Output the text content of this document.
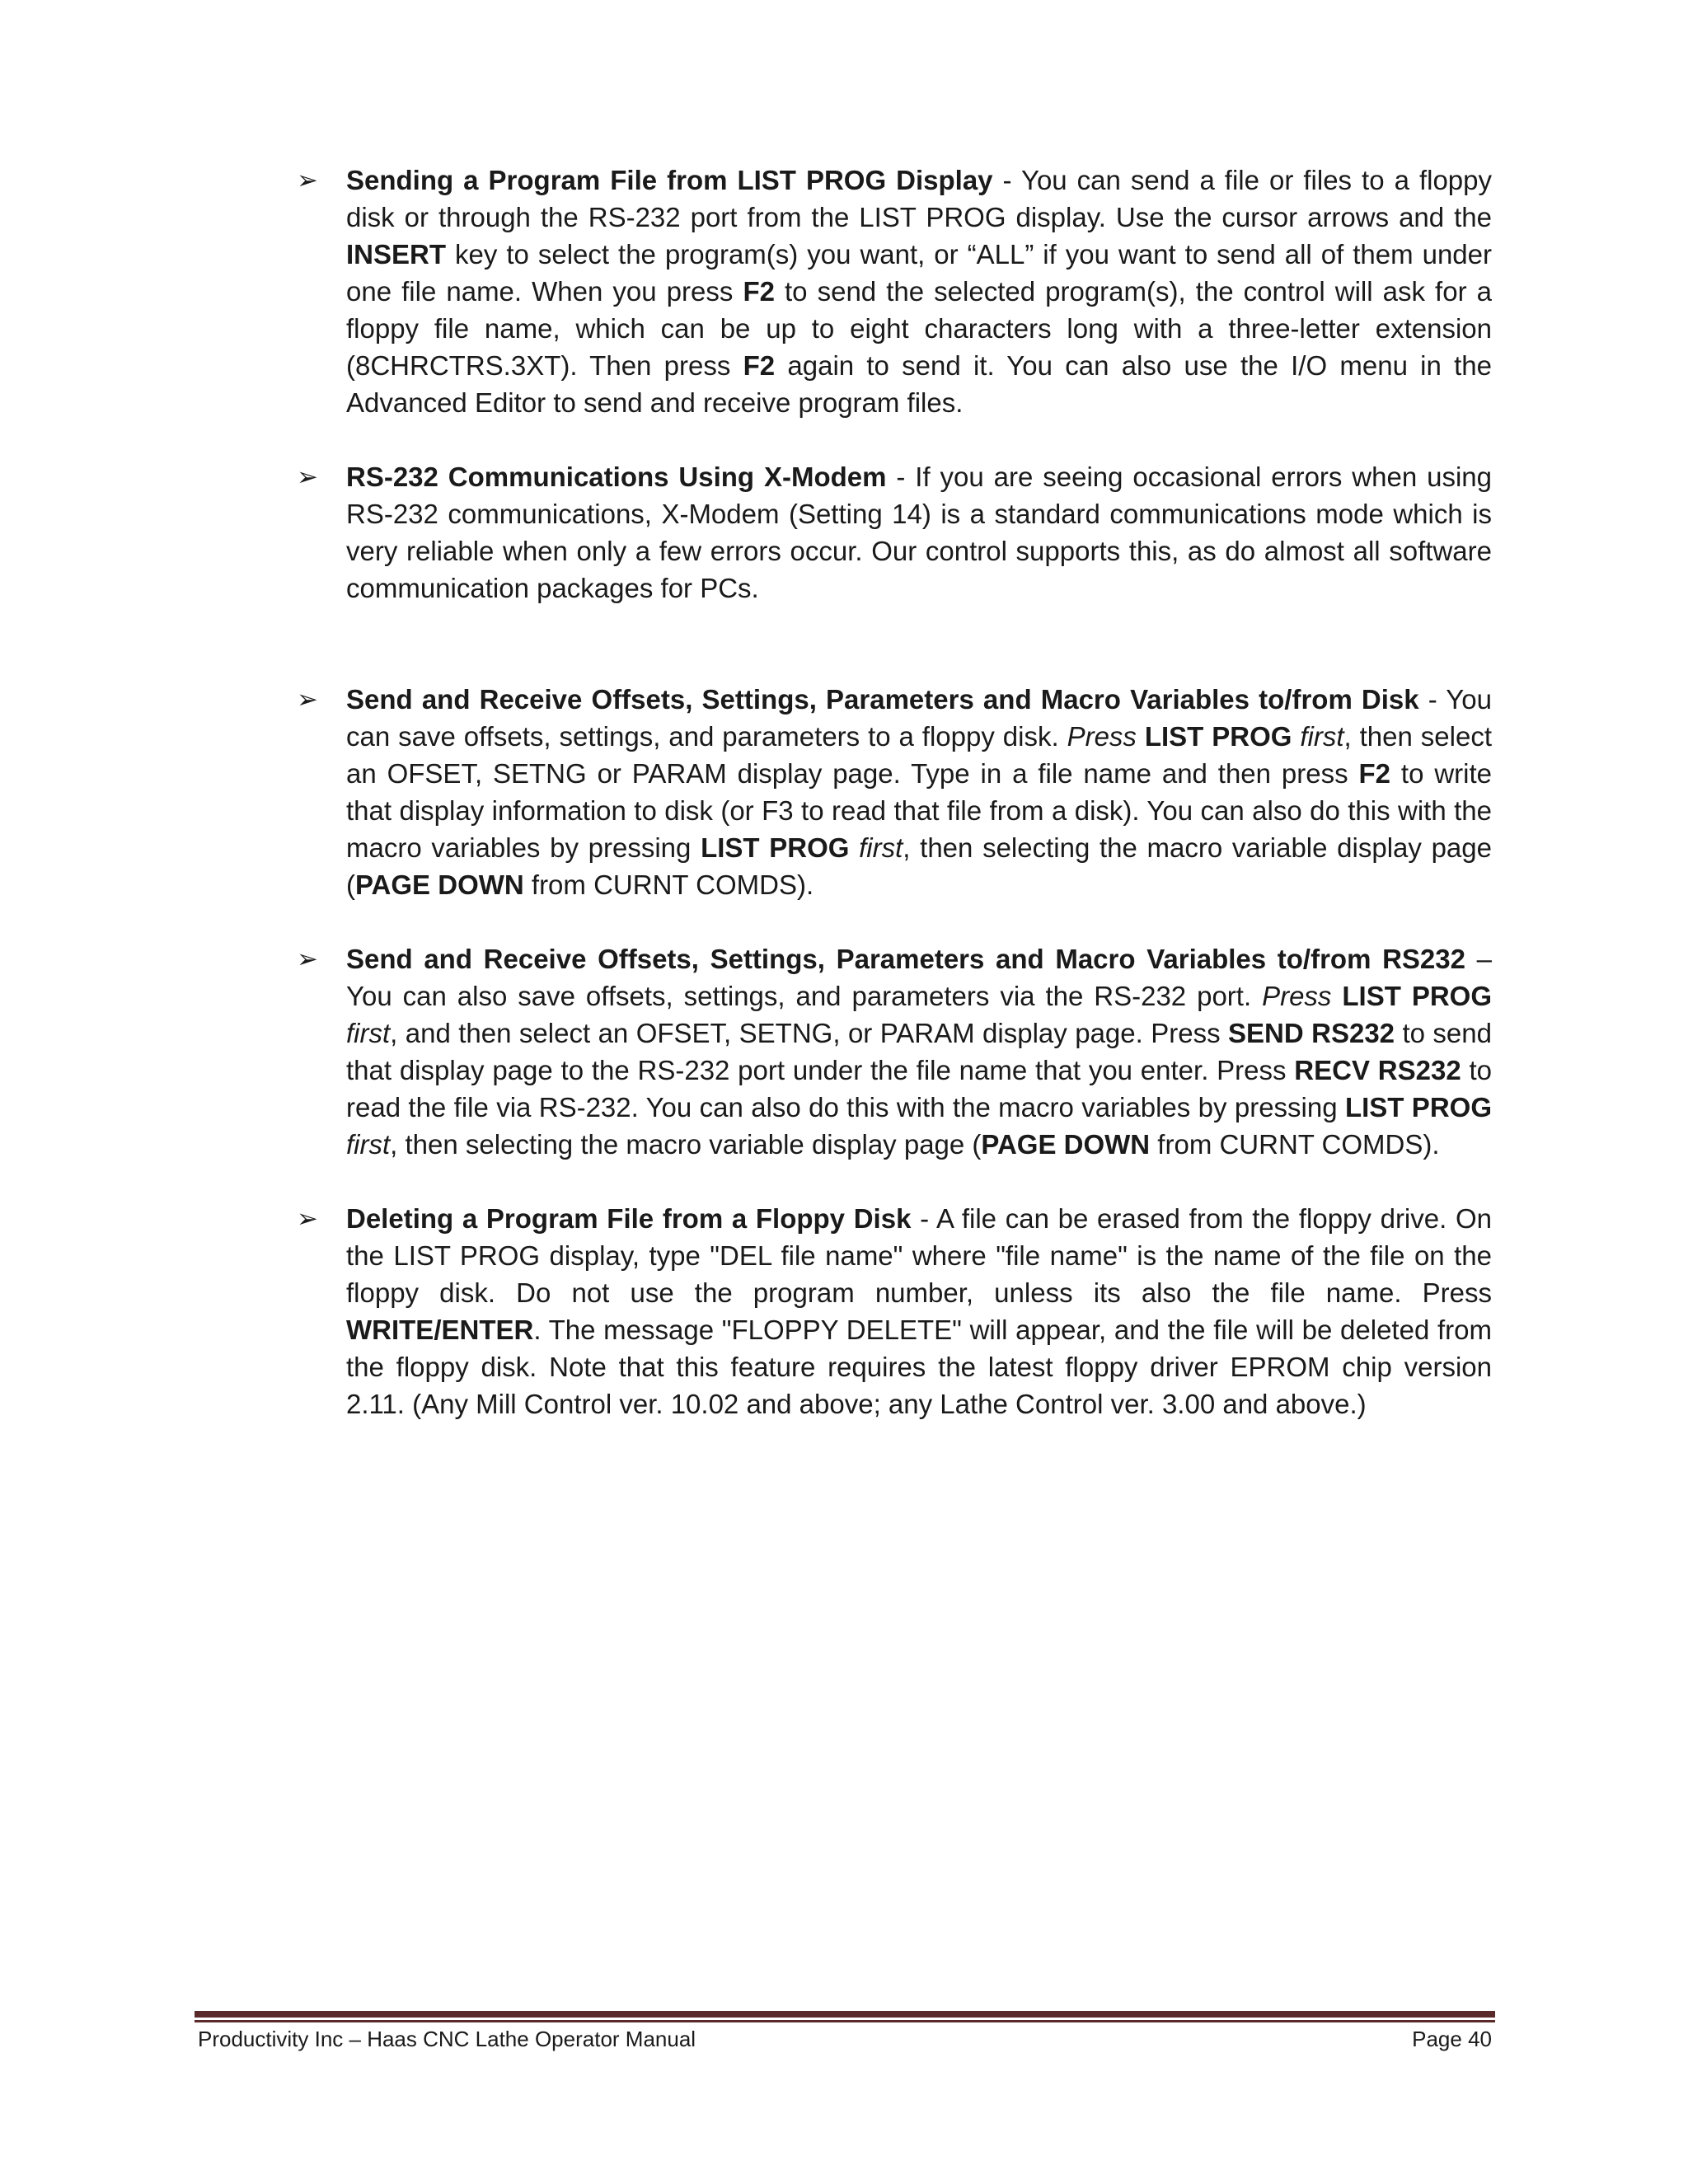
➢	Sending a Program File from LIST PROG Display - You can send a file or files to a floppy disk or through the RS-232 port from the LIST PROG display. Use the cursor arrows and the INSERT key to select the program(s) you want, or “ALL” if you want to send all of them under one file name. When you press F2 to send the selected program(s), the control will ask for a floppy file name, which can be up to eight characters long with a three-letter extension (8CHRCTRS.3XT). Then press F2 again to send it. You can also use the I/O menu in the Advanced Editor to send and receive program files.

➢	RS-232 Communications Using X-Modem - If you are seeing occasional errors when using RS-232 communications, X-Modem (Setting 14) is a standard communications mode which is very reliable when only a few errors occur. Our control supports this, as do almost all software communication packages for PCs.

➢	Send and Receive Offsets, Settings, Parameters and Macro Variables to/from Disk - You can save offsets, settings, and parameters to a floppy disk. Press LIST PROG first, then select an OFSET, SETNG or PARAM display page. Type in a file name and then press F2 to write that display information to disk (or F3 to read that file from a disk). You can also do this with the macro variables by pressing LIST PROG first, then selecting the macro variable display page (PAGE DOWN from CURNT COMDS).

➢	Send and Receive Offsets, Settings, Parameters and Macro Variables to/from RS232 – You can also save offsets, settings, and parameters via the RS-232 port. Press LIST PROG first, and then select an OFSET, SETNG, or PARAM display page. Press SEND RS232 to send that display page to the RS-232 port under the file name that you enter. Press RECV RS232 to read the file via RS-232. You can also do this with the macro variables by pressing LIST PROG first, then selecting the macro variable display page (PAGE DOWN from CURNT COMDS).

➢	Deleting a Program File from a Floppy Disk - A file can be erased from the floppy drive. On the LIST PROG display, type "DEL file name" where "file name" is the name of the file on the floppy disk. Do not use the program number, unless its also the file name. Press WRITE/ENTER. The message "FLOPPY DELETE" will appear, and the file will be deleted from the floppy disk. Note that this feature requires the latest floppy driver EPROM chip version 2.11. (Any Mill Control ver. 10.02 and above; any Lathe Control ver. 3.00 and above.)

Productivity Inc – Haas CNC Lathe Operator Manual	Page 40
